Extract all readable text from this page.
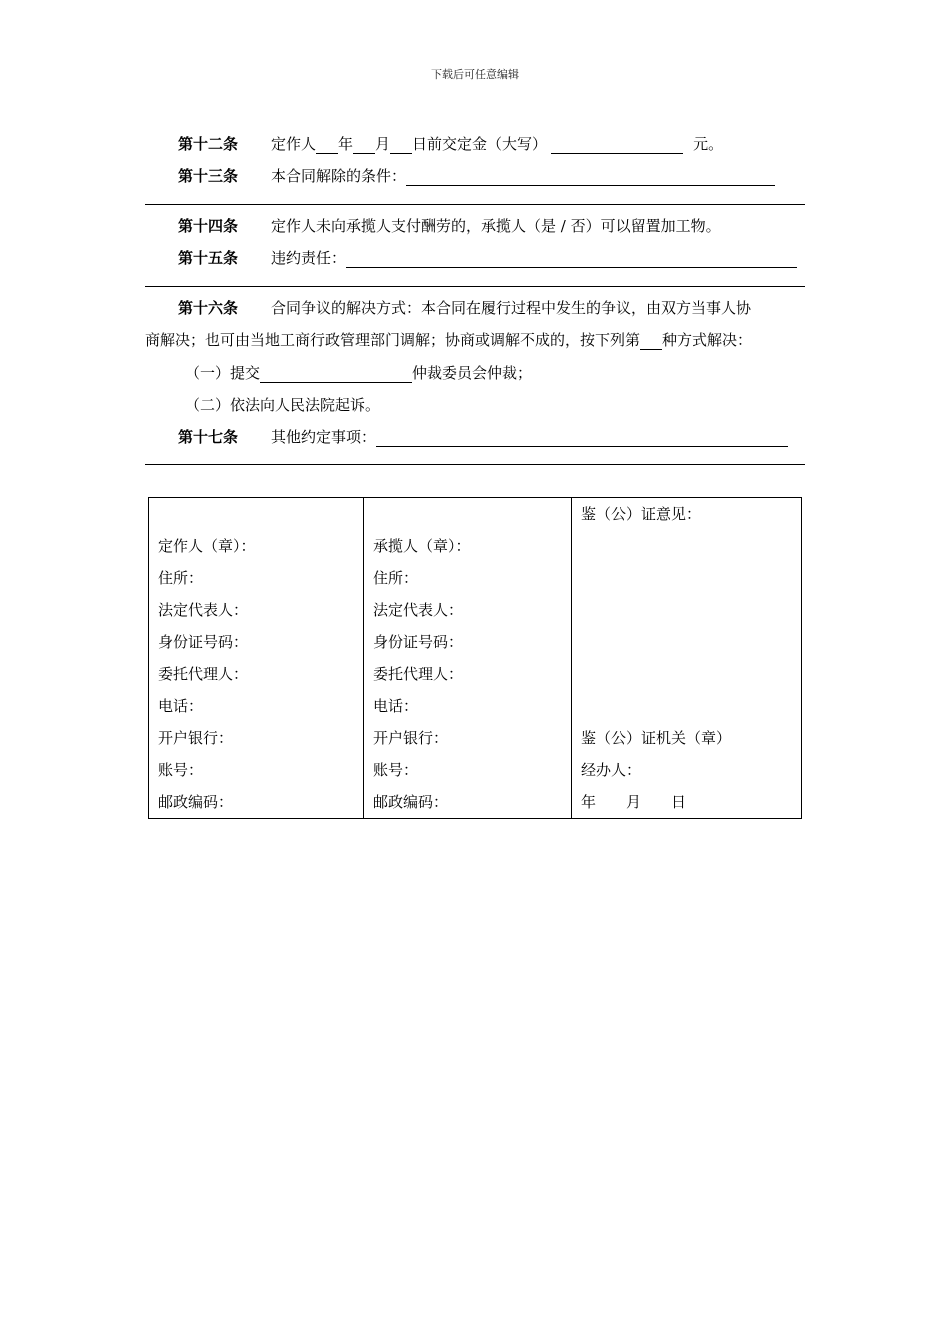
下载后可任意编辑
第十二条 定作人 年 月 日前交定金（大写）	元。
第十三条 本合同解除的条件：
第十四条 定作人未向承揽人支付酬劳的，承揽人（是 / 否）可以留置加工物。
第十五条 违约责任：
第十六条 合同争议的解决方式：本合同在履行过程中发生的争议，由双方当事人协
商解决；也可由当地工商行政管理部门调解；协商或调解不成的，按下列第 种方式解决：
（一）提交	仲裁委员会仲裁；
（二）依法向人民法院起诉。
第十七条 其他约定事项：
定作人（章）：
住所：
法定代表人：
身份证号码：
委托代理人：
电话：
开户银行：
账号：
邮政编码：

承揽人（章）：
住所：
法定代表人：
身份证号码：
委托代理人：
电话：
开户银行：
账号：
邮政编码：

鉴（公）证意见：
鉴（公）证机关（章）
经办人：
年　　月　　日
